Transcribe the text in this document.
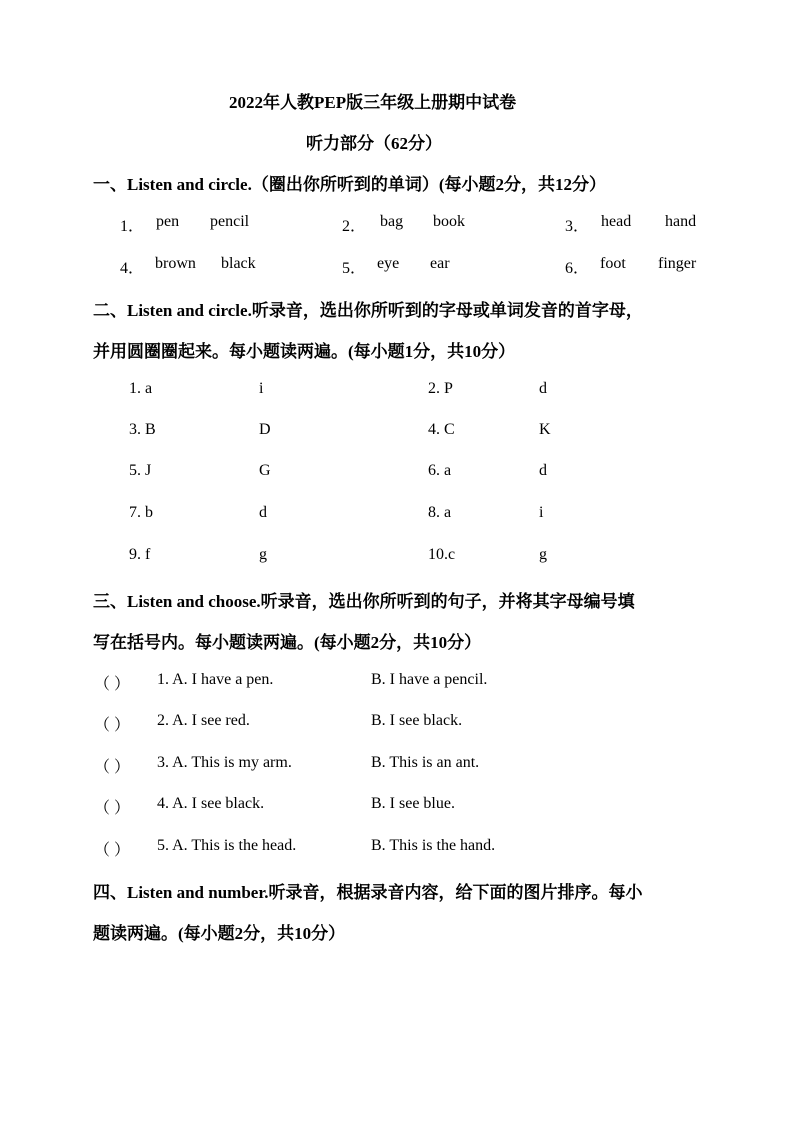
2022年人教PEP版三年级上册期中试卷
听力部分（62分）
一、Listen and circle.（圈出你所听到的单词）(每小题2分，共12分）
1． pen pencil	2． bag book	3． head hand
4． brown black	5． eye ear	6． foot finger
二、Listen and circle.听录音，选出你所听到的字母或单词发音的首字母，
并用圆圈圈起来。每小题读两遍。(每小题1分，共10分）
1. a	i	2. P	d
3. B	D	4. C	K
5. J	G	6. a	d
7. b	d	8. a	i
9. f	g	10.c	g
三、Listen and choose.听录音，选出你所听到的句子，并将其字母编号填
写在括号内。每小题读两遍。(每小题2分，共10分）
（ ） 1. A. I have a pen.	B. I have a pencil.
（ ） 2. A. I see red.	B. I see black.
（ ） 3. A. This is my arm.	B. This is an ant.
（ ） 4. A. I see black.	B. I see blue.
（ ） 5. A. This is the head.	B. This is the hand.
四、Listen and number.听录音，根据录音内容，给下面的图片排序。每小
题读两遍。(每小题2分，共10分）
